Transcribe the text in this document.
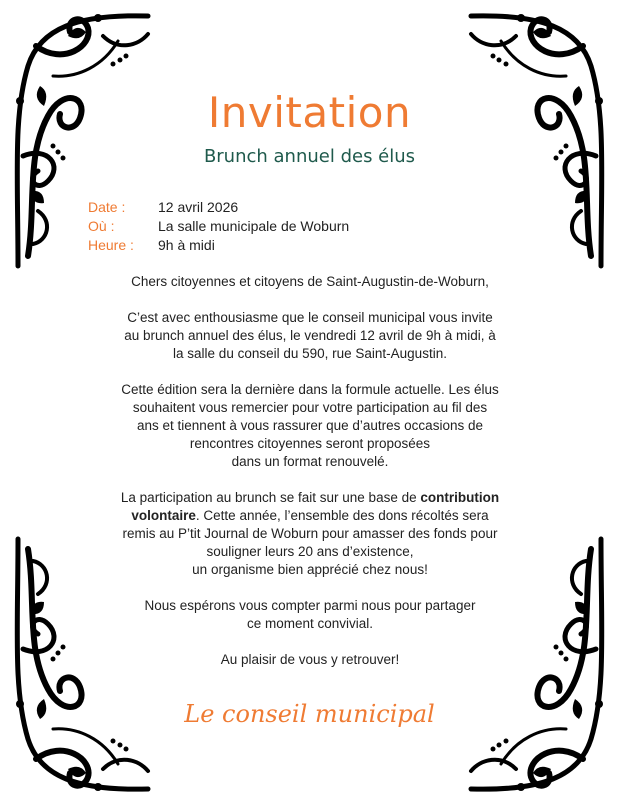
Invitation
Brunch annuel des élus
Date :	12 avril 2026
Où :	La salle municipale de Woburn
Heure :	9h à midi

Chers citoyennes et citoyens de Saint-Augustin-de-Woburn,

C’est avec enthousiasme que le conseil municipal vous invite
au brunch annuel des élus, le vendredi 12 avril de 9h à midi, à
la salle du conseil du 590, rue Saint-Augustin.

Cette édition sera la dernière dans la formule actuelle. Les élus
souhaitent vous remercier pour votre participation au fil des
ans et tiennent à vous rassurer que d’autres occasions de
rencontres citoyennes seront proposées
dans un format renouvelé.

La participation au brunch se fait sur une base de contribution
volontaire. Cette année, l’ensemble des dons récoltés sera
remis au P’tit Journal de Woburn pour amasser des fonds pour
souligner leurs 20 ans d’existence,
un organisme bien apprécié chez nous!

Nous espérons vous compter parmi nous pour partager
ce moment convivial.

Au plaisir de vous y retrouver!

Le conseil municipal
